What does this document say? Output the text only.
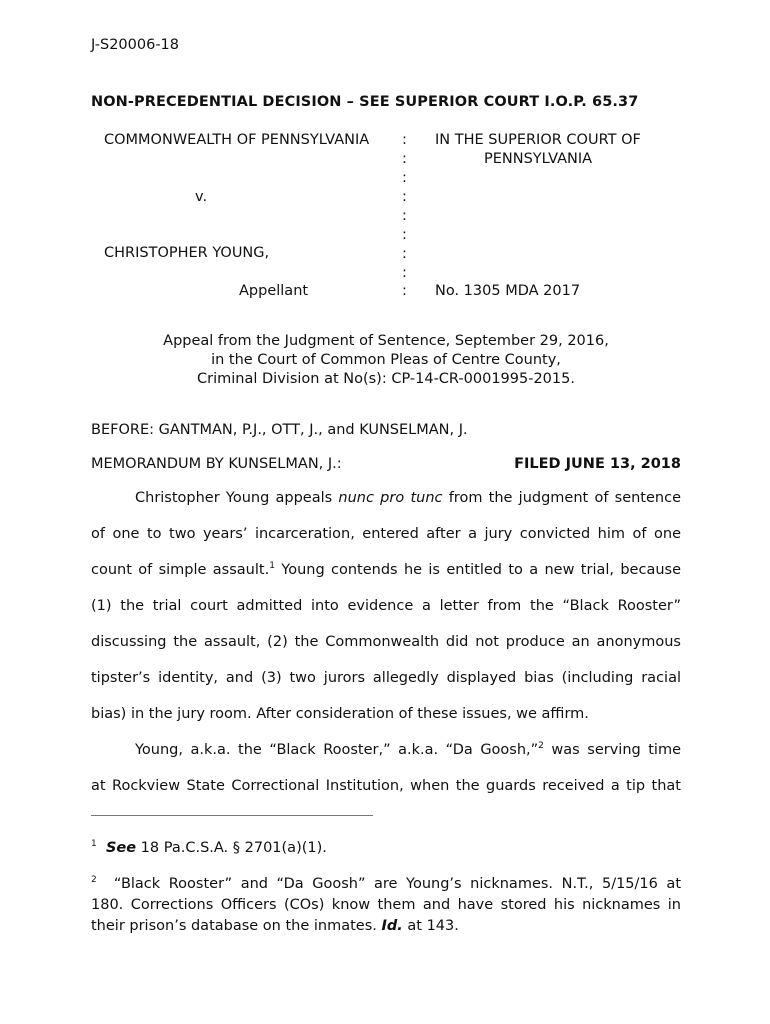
J-S20006-18
NON-PRECEDENTIAL DECISION – SEE SUPERIOR COURT I.O.P. 65.37
COMMONWEALTH OF PENNSYLVANIA
v.
CHRISTOPHER YOUNG,
Appellant
:
:
:
:
:
:
:
:
:
IN THE SUPERIOR COURT OF
PENNSYLVANIA
No. 1305 MDA 2017
Appeal from the Judgment of Sentence, September 29, 2016,
in the Court of Common Pleas of Centre County,
Criminal Division at No(s): CP-14-CR-0001995-2015.
BEFORE: GANTMAN, P.J., OTT, J., and KUNSELMAN, J.
MEMORANDUM BY KUNSELMAN, J.:	FILED JUNE 13, 2018
Christopher Young appeals nunc pro tunc from the judgment of sentence
of one to two years’ incarceration, entered after a jury convicted him of one
count of simple assault.$^1$ Young contends he is entitled to a new trial, because
(1) the trial court admitted into evidence a letter from the “Black Rooster”
discussing the assault, (2) the Commonwealth did not produce an anonymous
tipster’s identity, and (3) two jurors allegedly displayed bias (including racial
bias) in the jury room. After consideration of these issues, we affirm.
Young, a.k.a. the “Black Rooster,” a.k.a. “Da Goosh,”$^2$ was serving time
at Rockview State Correctional Institution, when the guards received a tip that
$^1$ See 18 Pa.C.S.A. § 2701(a)(1).
$^2$  “Black Rooster” and “Da Goosh” are Young’s nicknames. N.T., 5/15/16 at
180. Corrections Officers (COs) know them and have stored his nicknames in
their prison’s database on the inmates. Id. at 143.
